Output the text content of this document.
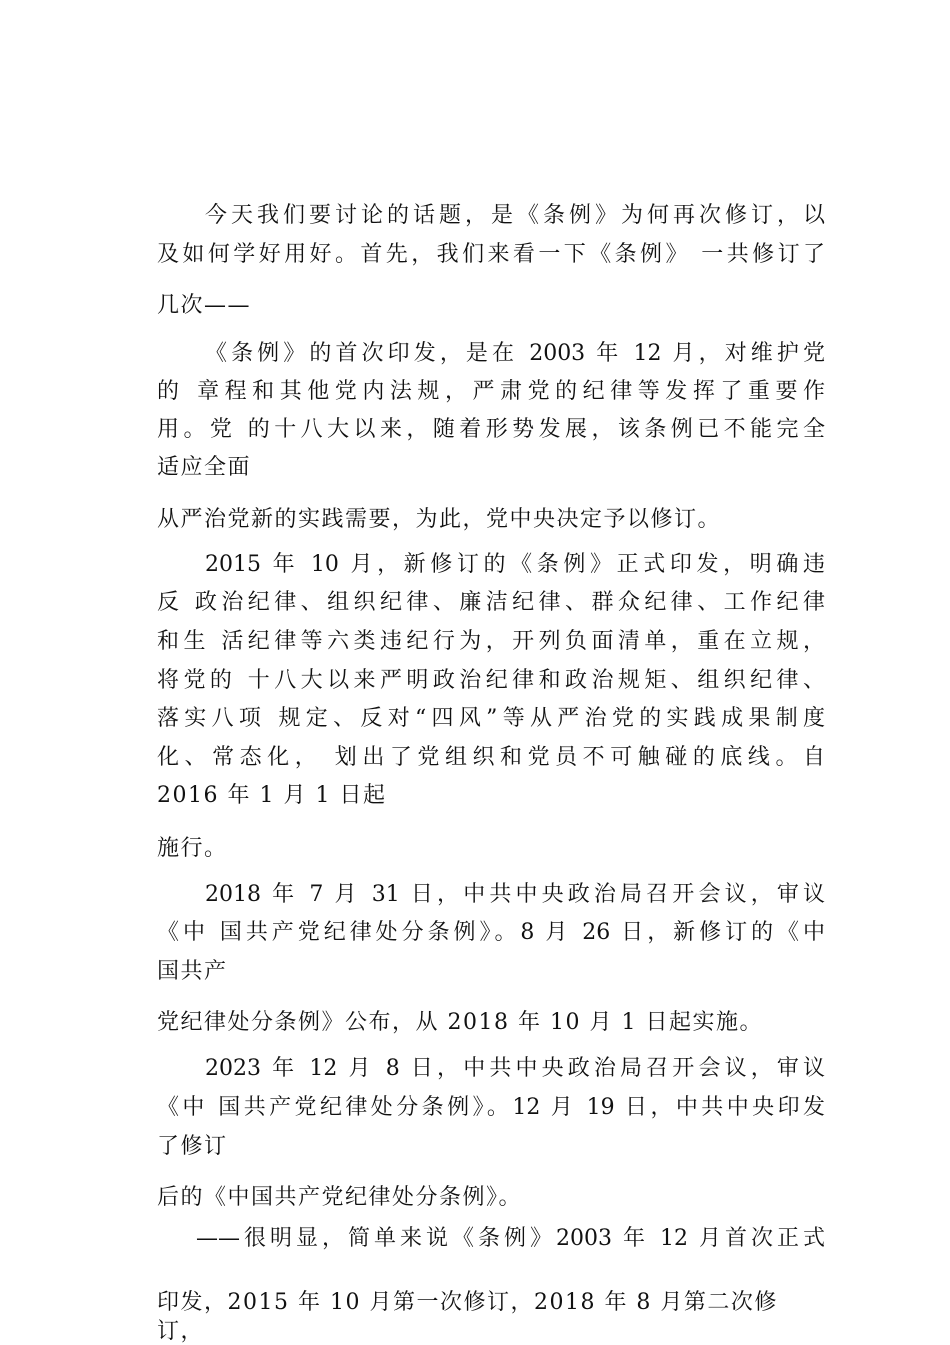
今天我们要讨论的话题，是《条例》为何再次修订，以
及如何学好用好。首先，我们来看一下《条例》 一共修订了
几次——
《条例》的首次印发，是在 2003 年 12 月，对维护党
的 章程和其他党内法规，严肃党的纪律等发挥了重要作
用。党 的十八大以来，随着形势发展，该条例已不能完全
适应全面
从严治党新的实践需要，为此，党中央决定予以修订。
2015 年 10 月，新修订的《条例》正式印发，明确违
反 政治纪律、组织纪律、廉洁纪律、群众纪律、工作纪律
和生 活纪律等六类违纪行为，开列负面清单，重在立规，
将党的 十八大以来严明政治纪律和政治规矩、组织纪律、
落实八项 规定、反对“四风”等从严治党的实践成果制度
化、常态化， 划出了党组织和党员不可触碰的底线。自
2016 年 1 月 1 日起
施行。
2018 年 7 月 31 日，中共中央政治局召开会议，审议
《中 国共产党纪律处分条例》。8 月 26 日，新修订的《中
国共产
党纪律处分条例》公布，从 2018 年 10 月 1 日起实施。
2023 年 12 月 8 日，中共中央政治局召开会议，审议
《中 国共产党纪律处分条例》。12 月 19 日，中共中央印发
了修订
后的《中国共产党纪律处分条例》。
——很明显，简单来说《条例》2003 年 12 月首次正式
印发，2015 年 10 月第一次修订，2018 年 8 月第二次修
订，
